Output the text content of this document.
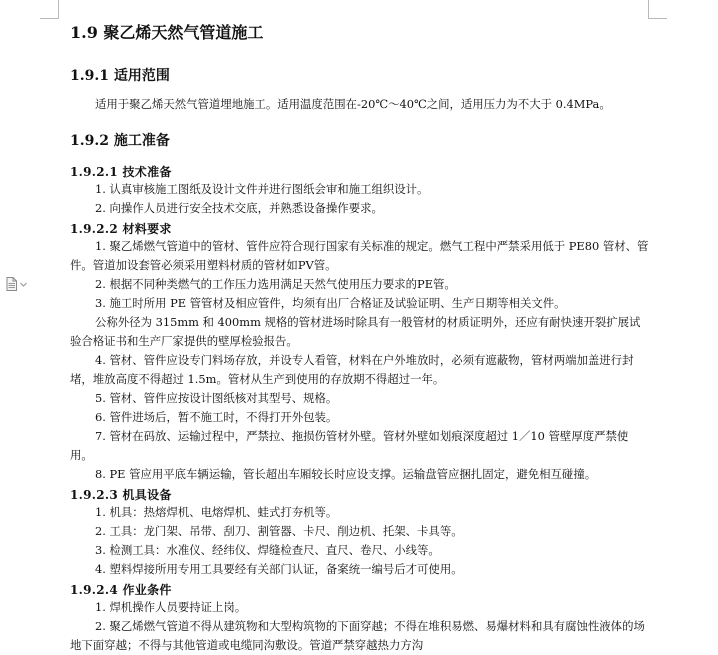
1.9 聚乙烯天然气管道施工
1.9.1 适用范围
适用于聚乙烯天然气管道埋地施工。适用温度范围在-20℃～40℃之间，适用压力为不大于 0.4MPa。
1.9.2 施工准备
1.9.2.1 技术准备
1. 认真审核施工图纸及设计文件并进行图纸会审和施工组织设计。
2. 向操作人员进行安全技术交底，并熟悉设备操作要求。
1.9.2.2 材料要求
1. 聚乙烯燃气管道中的管材、管件应符合现行国家有关标准的规定。燃气工程中严禁采用低于 PE80 管材、管件。管道加设套管必须采用塑料材质的管材如PV管。
2. 根据不同种类燃气的工作压力选用满足天然气使用压力要求的PE管。
3. 施工时所用 PE 管管材及相应管件，均须有出厂合格证及试验证明、生产日期等相关文件。
公称外径为 315mm 和 400mm 规格的管材进场时除具有一般管材的材质证明外，还应有耐快速开裂扩展试验合格证书和生产厂家提供的壁厚检验报告。
4. 管材、管件应设专门料场存放，并设专人看管，材料在户外堆放时，必须有遮蔽物，管材两端加盖进行封堵，堆放高度不得超过 1.5m。管材从生产到使用的存放期不得超过一年。
5. 管材、管件应按设计图纸核对其型号、规格。
6. 管件进场后，暂不施工时，不得打开外包装。
7. 管材在码放、运输过程中，严禁拉、拖损伤管材外壁。管材外壁如划痕深度超过 1／10 管壁厚度严禁使用。
8. PE 管应用平底车辆运输，管长超出车厢较长时应设支撑。运输盘管应捆扎固定，避免相互碰撞。
1.9.2.3 机具设备
1. 机具：热熔焊机、电熔焊机、蛙式打夯机等。
2. 工具：龙门架、吊带、刮刀、割管器、卡尺、削边机、托架、卡具等。
3. 检测工具：水准仪、经纬仪、焊缝检查尺、直尺、卷尺、小线等。
4. 塑料焊接所用专用工具要经有关部门认证，备案统一编号后才可使用。
1.9.2.4 作业条件
1. 焊机操作人员要持证上岗。
2. 聚乙烯燃气管道不得从建筑物和大型构筑物的下面穿越；不得在堆积易燃、易爆材料和具有腐蚀性液体的场地下面穿越；不得与其他管道或电缆同沟敷设。管道严禁穿越热力方沟
